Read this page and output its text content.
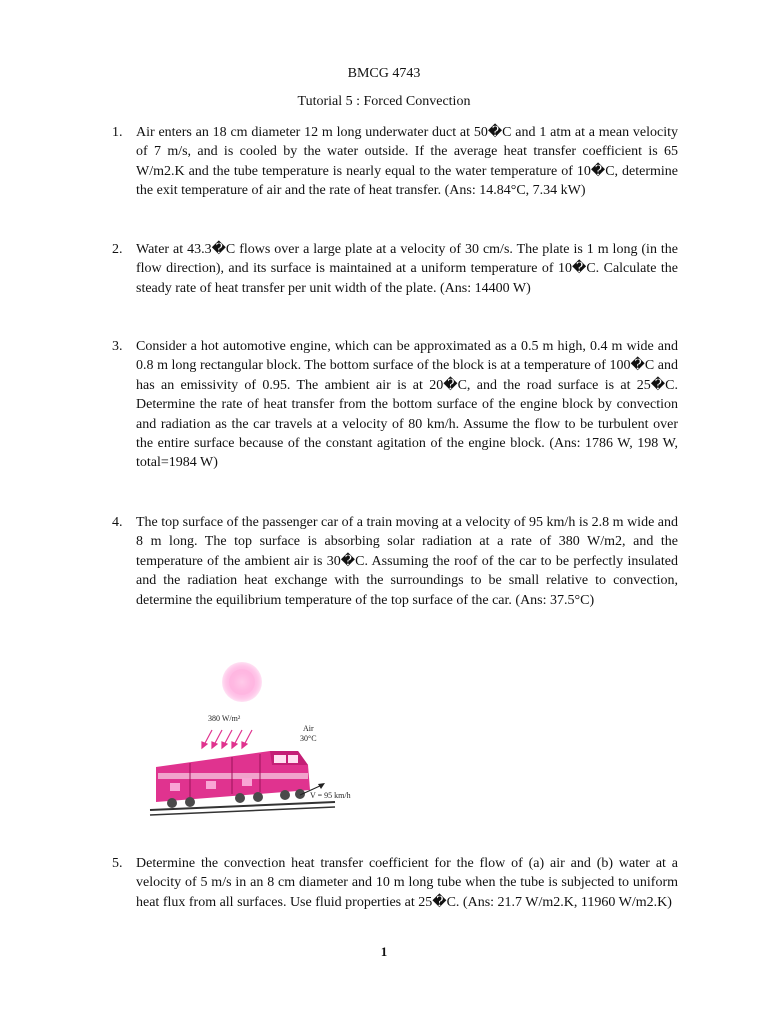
BMCG 4743
Tutorial 5 : Forced Convection
1. Air enters an 18 cm diameter 12 m long underwater duct at 50�C and 1 atm at a mean velocity of 7 m/s, and is cooled by the water outside. If the average heat transfer coefficient is 65 W/m2.K and the tube temperature is nearly equal to the water temperature of 10�C, determine the exit temperature of air and the rate of heat transfer. (Ans: 14.84°C, 7.34 kW)
2. Water at 43.3�C flows over a large plate at a velocity of 30 cm/s. The plate is 1 m long (in the flow direction), and its surface is maintained at a uniform temperature of 10�C. Calculate the steady rate of heat transfer per unit width of the plate. (Ans: 14400 W)
3. Consider a hot automotive engine, which can be approximated as a 0.5 m high, 0.4 m wide and 0.8 m long rectangular block. The bottom surface of the block is at a temperature of 100�C and has an emissivity of 0.95. The ambient air is at 20�C, and the road surface is at 25�C. Determine the rate of heat transfer from the bottom surface of the engine block by convection and radiation as the car travels at a velocity of 80 km/h. Assume the flow to be turbulent over the entire surface because of the constant agitation of the engine block. (Ans: 1786 W, 198 W, total=1984 W)
4. The top surface of the passenger car of a train moving at a velocity of 95 km/h is 2.8 m wide and 8 m long. The top surface is absorbing solar radiation at a rate of 380 W/m2, and the temperature of the ambient air is 30�C. Assuming the roof of the car to be perfectly insulated and the radiation heat exchange with the surroundings to be small relative to convection, determine the equilibrium temperature of the top surface of the car. (Ans: 37.5°C)
380 W/m²
Air
30°C
V = 95 km/h
5. Determine the convection heat transfer coefficient for the flow of (a) air and (b) water at a velocity of 5 m/s in an 8 cm diameter and 10 m long tube when the tube is subjected to uniform heat flux from all surfaces. Use fluid properties at 25�C. (Ans: 21.7 W/m2.K, 11960 W/m2.K)
1
